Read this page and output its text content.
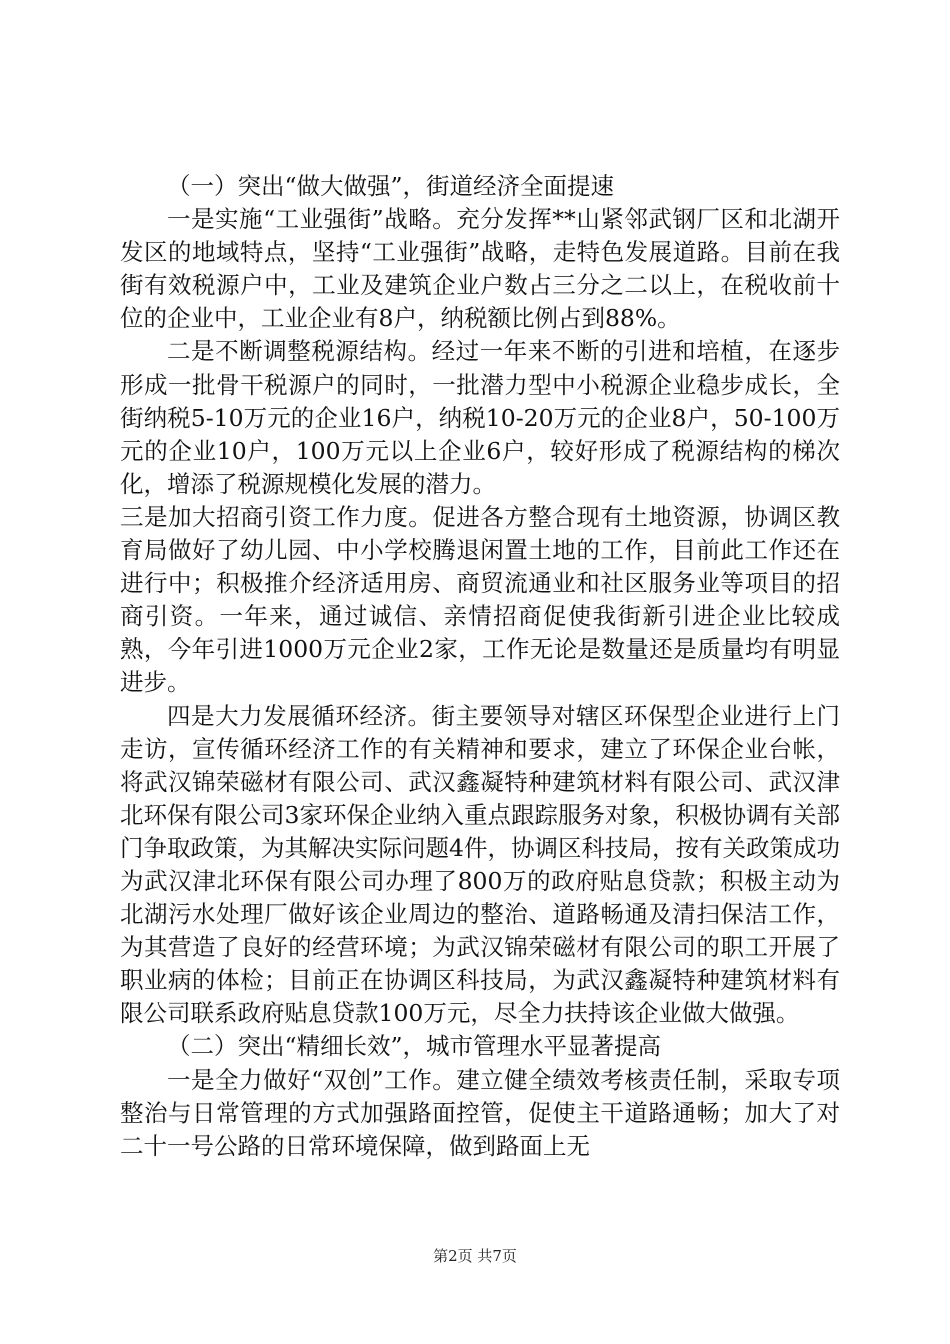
（一）突出“做大做强”，街道经济全面提速

一是实施“工业强街”战略。充分发挥**山紧邻武钢厂区和北湖开发区的地域特点，坚持“工业强街”战略，走特色发展道路。目前在我街有效税源户中，工业及建筑企业户数占三分之二以上，在税收前十位的企业中，工业企业有8户，纳税额比例占到88%。

二是不断调整税源结构。经过一年来不断的引进和培植，在逐步形成一批骨干税源户的同时，一批潜力型中小税源企业稳步成长，全街纳税5-10万元的企业16户，纳税10-20万元的企业8户，50-100万元的企业10户，100万元以上企业6户，较好形成了税源结构的梯次化，增添了税源规模化发展的潜力。

三是加大招商引资工作力度。促进各方整合现有土地资源，协调区教育局做好了幼儿园、中小学校腾退闲置土地的工作，目前此工作还在进行中；积极推介经济适用房、商贸流通业和社区服务业等项目的招商引资。一年来，通过诚信、亲情招商促使我街新引进企业比较成熟，今年引进1000万元企业2家，工作无论是数量还是质量均有明显进步。

四是大力发展循环经济。街主要领导对辖区环保型企业进行上门走访，宣传循环经济工作的有关精神和要求，建立了环保企业台帐，将武汉锦荣磁材有限公司、武汉鑫凝特种建筑材料有限公司、武汉津北环保有限公司3家环保企业纳入重点跟踪服务对象，积极协调有关部门争取政策，为其解决实际问题4件，协调区科技局，按有关政策成功为武汉津北环保有限公司办理了800万的政府贴息贷款；积极主动为北湖污水处理厂做好该企业周边的整治、道路畅通及清扫保洁工作，为其营造了良好的经营环境；为武汉锦荣磁材有限公司的职工开展了职业病的体检；目前正在协调区科技局，为武汉鑫凝特种建筑材料有限公司联系政府贴息贷款100万元，尽全力扶持该企业做大做强。

（二）突出“精细长效”，城市管理水平显著提高

一是全力做好“双创”工作。建立健全绩效考核责任制，采取专项整治与日常管理的方式加强路面控管，促使主干道路通畅；加大了对二十一号公路的日常环境保障，做到路面上无

第2页 共7页
